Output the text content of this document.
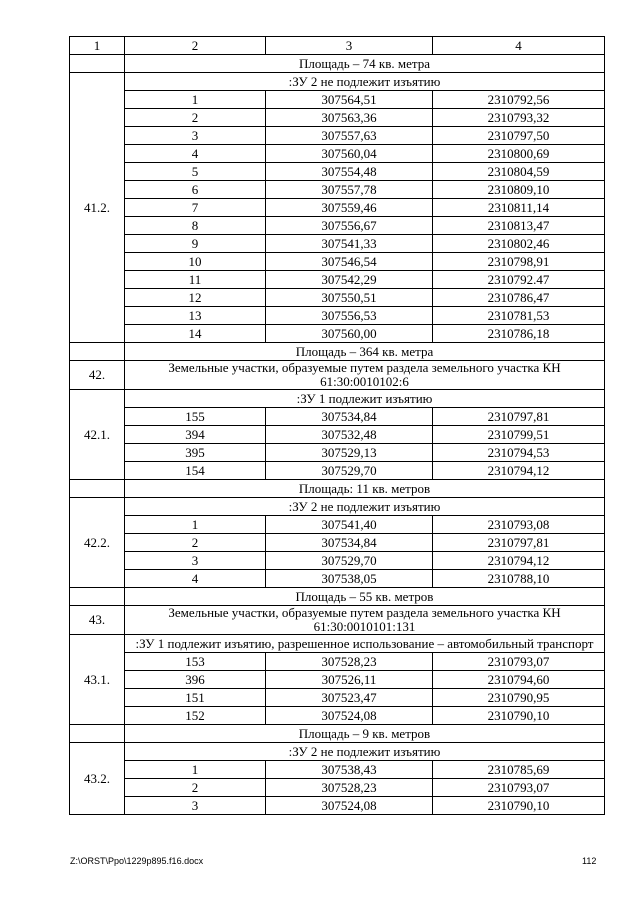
1	2	3	4
	Площадь – 74 кв. метра		
41.2.	:ЗУ 2 не подлежит изъятию		
	1	307564,51	2310792,56
	2	307563,36	2310793,32
	3	307557,63	2310797,50
	4	307560,04	2310800,69
	5	307554,48	2310804,59
	6	307557,78	2310809,10
	7	307559,46	2310811,14
	8	307556,67	2310813,47
	9	307541,33	2310802,46
	10	307546,54	2310798,91
	11	307542,29	2310792.47
	12	307550,51	2310786,47
	13	307556,53	2310781,53
	14	307560,00	2310786,18
	Площадь – 364 кв. метра		
42.	Земельные участки, образуемые путем раздела земельного участка КН 61:30:0010102:6		
42.1.	:ЗУ 1 подлежит изъятию		
	155	307534,84	2310797,81
	394	307532,48	2310799,51
	395	307529,13	2310794,53
	154	307529,70	2310794,12
	Площадь: 11 кв. метров		
42.2.	:ЗУ 2 не подлежит изъятию		
	1	307541,40	2310793,08
	2	307534,84	2310797,81
	3	307529,70	2310794,12
	4	307538,05	2310788,10
	Площадь – 55 кв. метров		
43.	Земельные участки, образуемые путем раздела земельного участка КН 61:30:0010101:131		
43.1.	:ЗУ 1 подлежит изъятию, разрешенное использование – автомобильный транспорт		
	153	307528,23	2310793,07
	396	307526,11	2310794,60
	151	307523,47	2310790,95
	152	307524,08	2310790,10
	Площадь – 9 кв. метров		
43.2.	:ЗУ 2 не подлежит изъятию		
	1	307538,43	2310785,69
	2	307528,23	2310793,07
	3	307524,08	2310790,10
Z:\ORST\Ppo\1229p895.f16.docx	112
